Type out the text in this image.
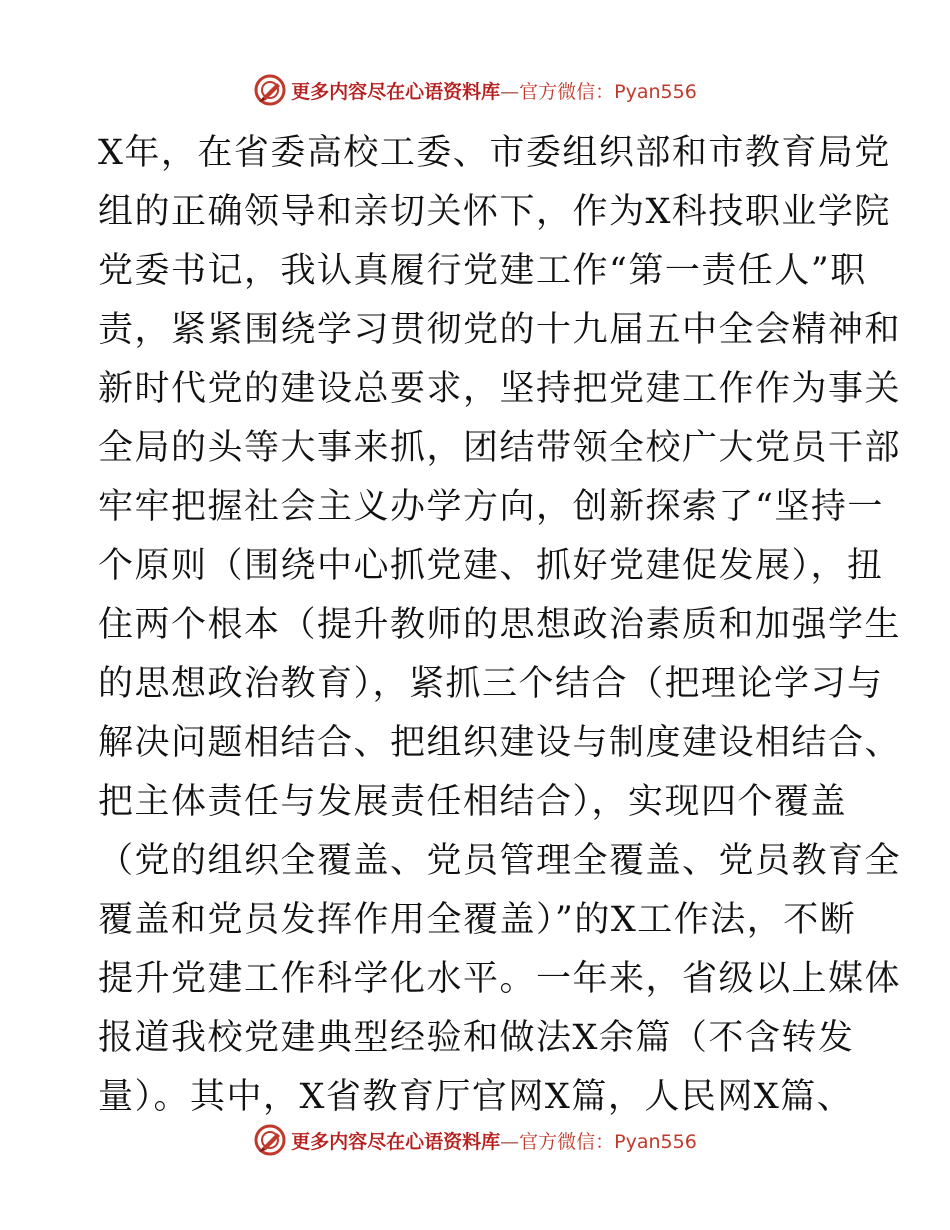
更多内容尽在心语资料库—官方微信：Pyan556
X年，在省委高校工委、市委组织部和市教育局党
组的正确领导和亲切关怀下，作为X科技职业学院
党委书记，我认真履行党建工作“第一责任人”职
责，紧紧围绕学习贯彻党的十九届五中全会精神和
新时代党的建设总要求，坚持把党建工作作为事关
全局的头等大事来抓，团结带领全校广大党员干部
牢牢把握社会主义办学方向，创新探索了“坚持一
个原则（围绕中心抓党建、抓好党建促发展），扭
住两个根本（提升教师的思想政治素质和加强学生
的思想政治教育），紧抓三个结合（把理论学习与
解决问题相结合、把组织建设与制度建设相结合、
把主体责任与发展责任相结合），实现四个覆盖
（党的组织全覆盖、党员管理全覆盖、党员教育全
覆盖和党员发挥作用全覆盖）”的X工作法，不断
提升党建工作科学化水平。一年来，省级以上媒体
报道我校党建典型经验和做法X余篇（不含转发
量）。其中，X省教育厅官网X篇，人民网X篇、
更多内容尽在心语资料库—官方微信：Pyan556
